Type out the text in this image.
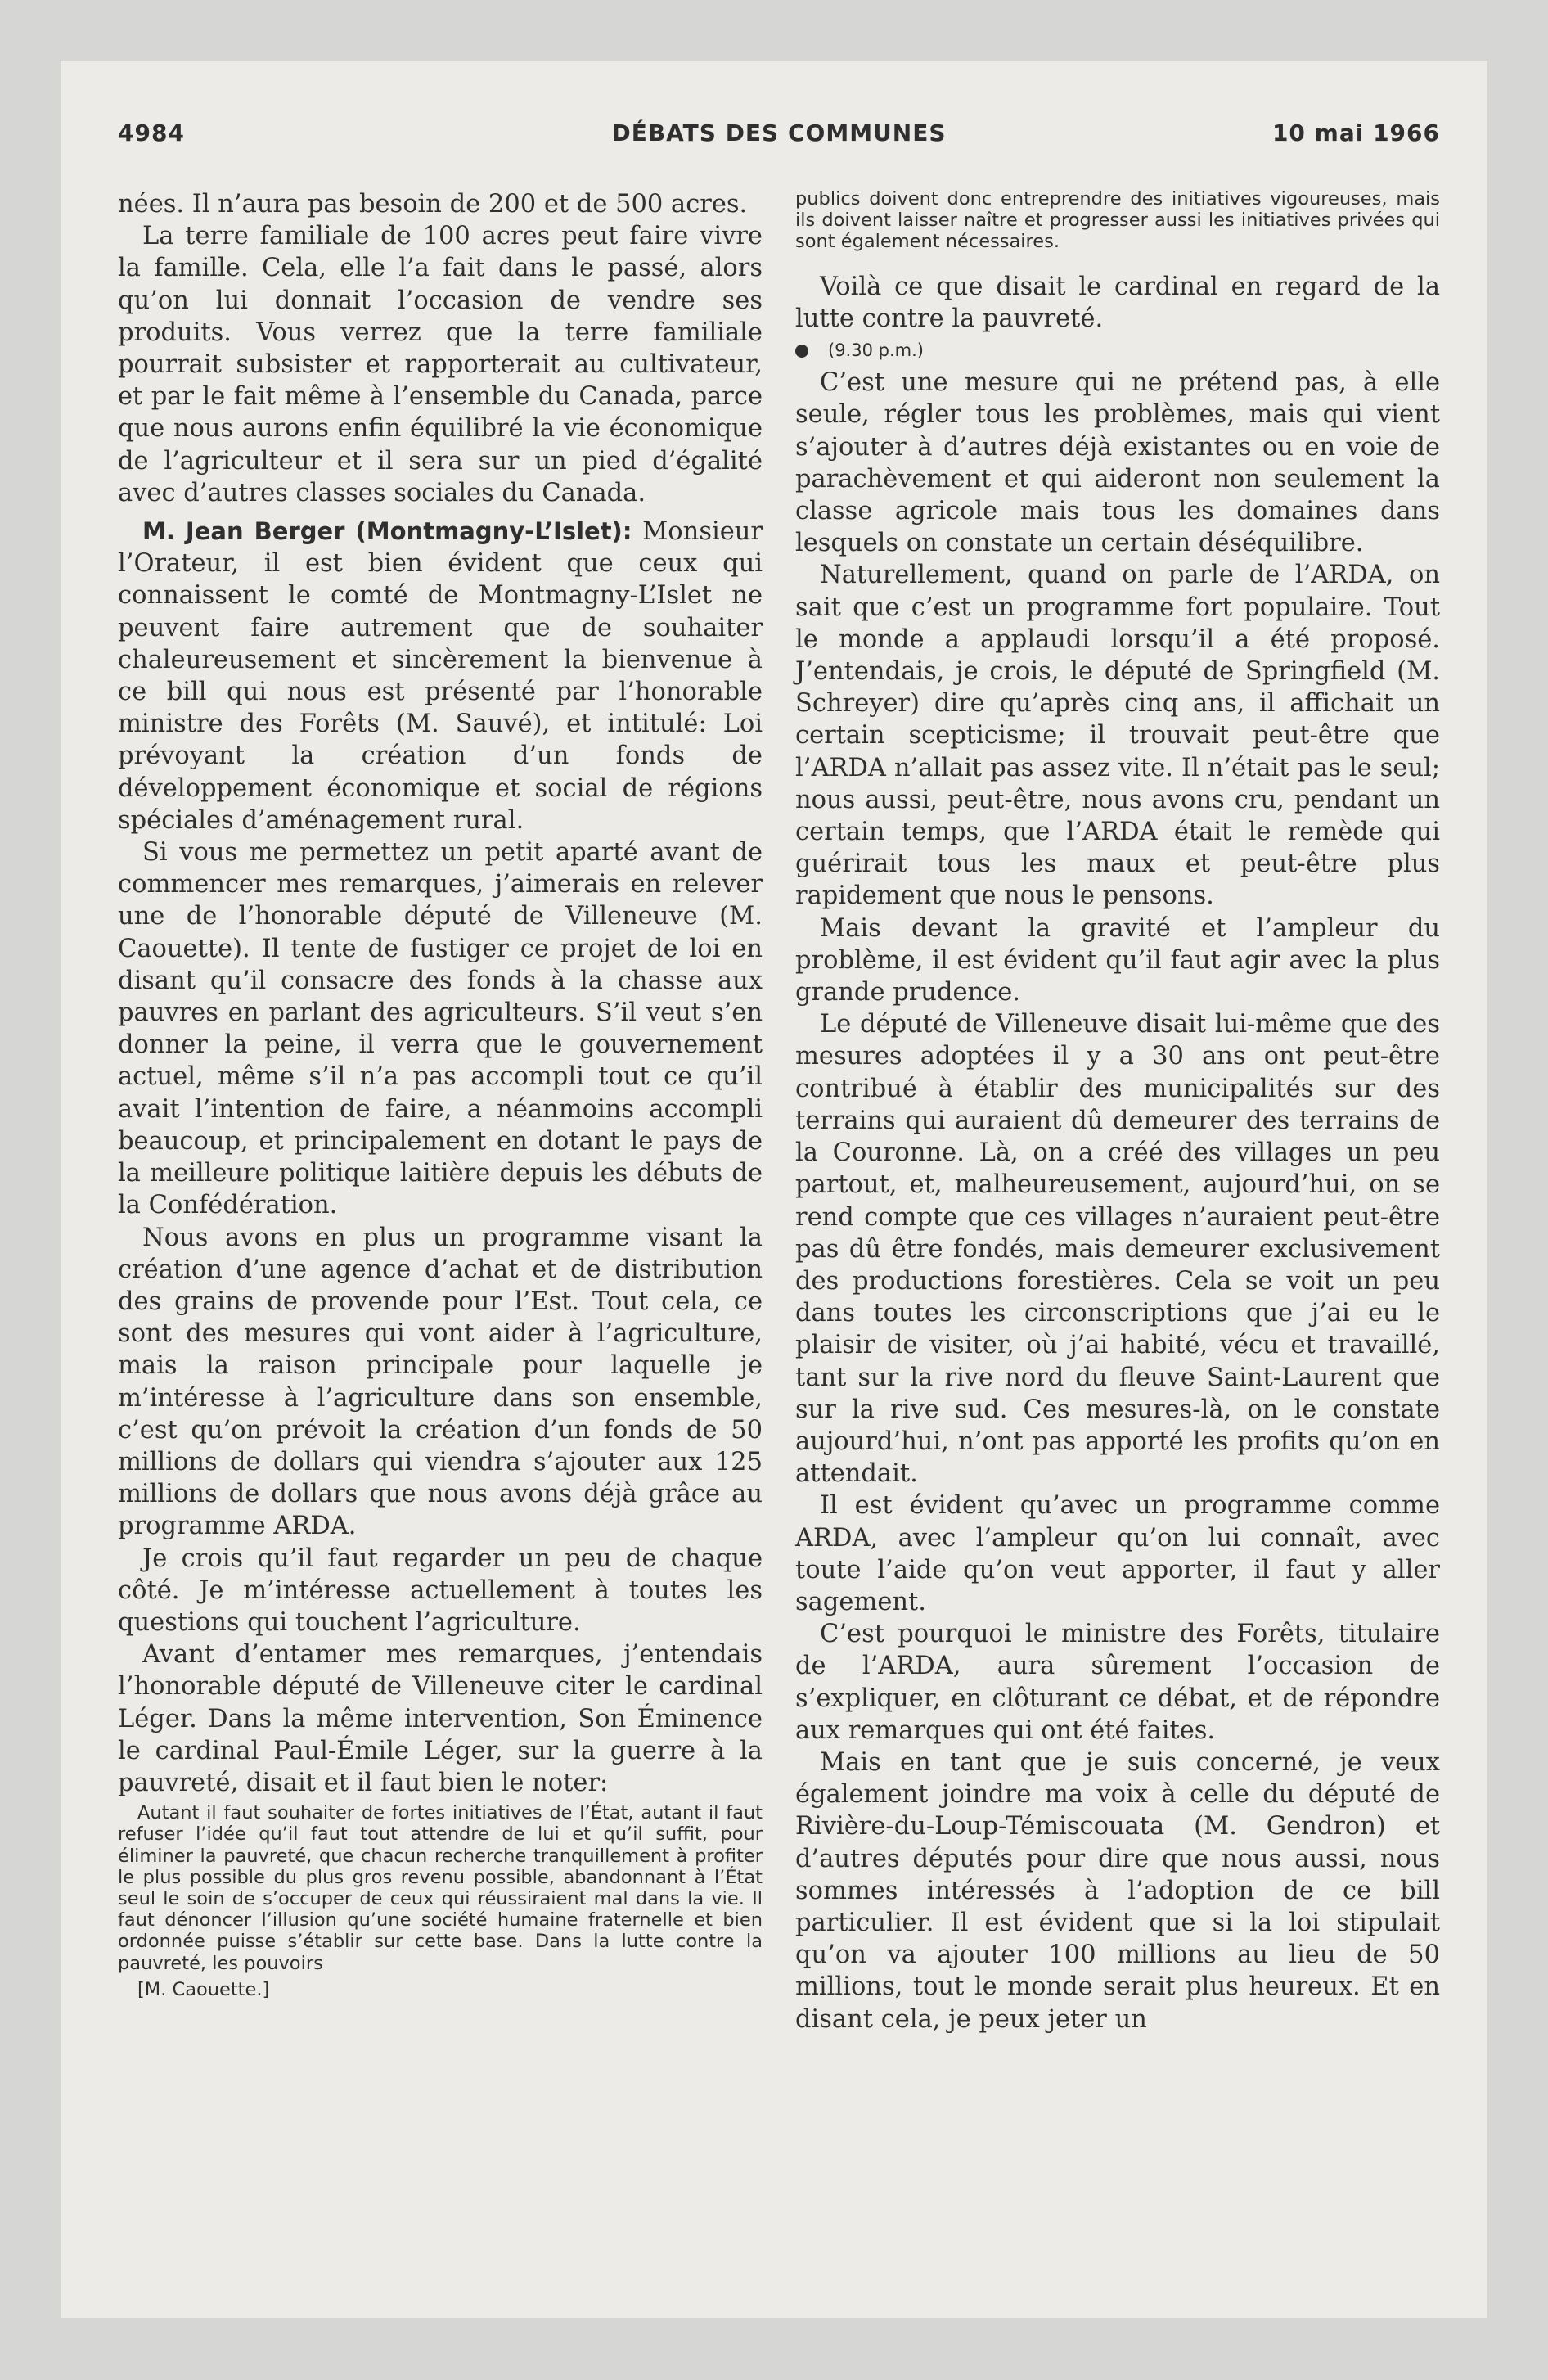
4984	DÉBATS DES COMMUNES	10 mai 1966

nées. Il n’aura pas besoin de 200 et de 500 acres.

La terre familiale de 100 acres peut faire vivre la famille. Cela, elle l’a fait dans le passé, alors qu’on lui donnait l’occasion de vendre ses produits. Vous verrez que la terre familiale pourrait subsister et rapporterait au cultivateur, et par le fait même à l’ensemble du Canada, parce que nous aurons enfin équilibré la vie économique de l’agriculteur et il sera sur un pied d’égalité avec d’autres classes sociales du Canada.

M. Jean Berger (Montmagny-L’Islet): Monsieur l’Orateur, il est bien évident que ceux qui connaissent le comté de Montmagny-L’Islet ne peuvent faire autrement que de souhaiter chaleureusement et sincèrement la bienvenue à ce bill qui nous est présenté par l’honorable ministre des Forêts (M. Sauvé), et intitulé: Loi prévoyant la création d’un fonds de développement économique et social de régions spéciales d’aménagement rural.

Si vous me permettez un petit aparté avant de commencer mes remarques, j’aimerais en relever une de l’honorable député de Villeneuve (M. Caouette). Il tente de fustiger ce projet de loi en disant qu’il consacre des fonds à la chasse aux pauvres en parlant des agriculteurs. S’il veut s’en donner la peine, il verra que le gouvernement actuel, même s’il n’a pas accompli tout ce qu’il avait l’intention de faire, a néanmoins accompli beaucoup, et principalement en dotant le pays de la meilleure politique laitière depuis les débuts de la Confédération.

Nous avons en plus un programme visant la création d’une agence d’achat et de distribution des grains de provende pour l’Est. Tout cela, ce sont des mesures qui vont aider à l’agriculture, mais la raison principale pour laquelle je m’intéresse à l’agriculture dans son ensemble, c’est qu’on prévoit la création d’un fonds de 50 millions de dollars qui viendra s’ajouter aux 125 millions de dollars que nous avons déjà grâce au programme ARDA.

Je crois qu’il faut regarder un peu de chaque côté. Je m’intéresse actuellement à toutes les questions qui touchent l’agriculture.

Avant d’entamer mes remarques, j’entendais l’honorable député de Villeneuve citer le cardinal Léger. Dans la même intervention, Son Éminence le cardinal Paul-Émile Léger, sur la guerre à la pauvreté, disait et il faut bien le noter:

Autant il faut souhaiter de fortes initiatives de l’État, autant il faut refuser l’idée qu’il faut tout attendre de lui et qu’il suffit, pour éliminer la pauvreté, que chacun recherche tranquillement à profiter le plus possible du plus gros revenu possible, abandonnant à l’État seul le soin de s’occuper de ceux qui réussiraient mal dans la vie. Il faut dénoncer l’illusion qu’une société humaine fraternelle et bien ordonnée puisse s’établir sur cette base. Dans la lutte contre la pauvreté, les pouvoirs

[M. Caouette.]

publics doivent donc entreprendre des initiatives vigoureuses, mais ils doivent laisser naître et progresser aussi les initiatives privées qui sont également nécessaires.

Voilà ce que disait le cardinal en regard de la lutte contre la pauvreté.

(9.30 p.m.)

C’est une mesure qui ne prétend pas, à elle seule, régler tous les problèmes, mais qui vient s’ajouter à d’autres déjà existantes ou en voie de parachèvement et qui aideront non seulement la classe agricole mais tous les domaines dans lesquels on constate un certain déséquilibre.

Naturellement, quand on parle de l’ARDA, on sait que c’est un programme fort populaire. Tout le monde a applaudi lorsqu’il a été proposé. J’entendais, je crois, le député de Springfield (M. Schreyer) dire qu’après cinq ans, il affichait un certain scepticisme; il trouvait peut-être que l’ARDA n’allait pas assez vite. Il n’était pas le seul; nous aussi, peut-être, nous avons cru, pendant un certain temps, que l’ARDA était le remède qui guérirait tous les maux et peut-être plus rapidement que nous le pensons.

Mais devant la gravité et l’ampleur du problème, il est évident qu’il faut agir avec la plus grande prudence.

Le député de Villeneuve disait lui-même que des mesures adoptées il y a 30 ans ont peut-être contribué à établir des municipalités sur des terrains qui auraient dû demeurer des terrains de la Couronne. Là, on a créé des villages un peu partout, et, malheureusement, aujourd’hui, on se rend compte que ces villages n’auraient peut-être pas dû être fondés, mais demeurer exclusivement des productions forestières. Cela se voit un peu dans toutes les circonscriptions que j’ai eu le plaisir de visiter, où j’ai habité, vécu et travaillé, tant sur la rive nord du fleuve Saint-Laurent que sur la rive sud. Ces mesures-là, on le constate aujourd’hui, n’ont pas apporté les profits qu’on en attendait.

Il est évident qu’avec un programme comme ARDA, avec l’ampleur qu’on lui connaît, avec toute l’aide qu’on veut apporter, il faut y aller sagement.

C’est pourquoi le ministre des Forêts, titulaire de l’ARDA, aura sûrement l’occasion de s’expliquer, en clôturant ce débat, et de répondre aux remarques qui ont été faites.

Mais en tant que je suis concerné, je veux également joindre ma voix à celle du député de Rivière-du-Loup-Témiscouata (M. Gendron) et d’autres députés pour dire que nous aussi, nous sommes intéressés à l’adoption de ce bill particulier. Il est évident que si la loi stipulait qu’on va ajouter 100 millions au lieu de 50 millions, tout le monde serait plus heureux. Et en disant cela, je peux jeter un
